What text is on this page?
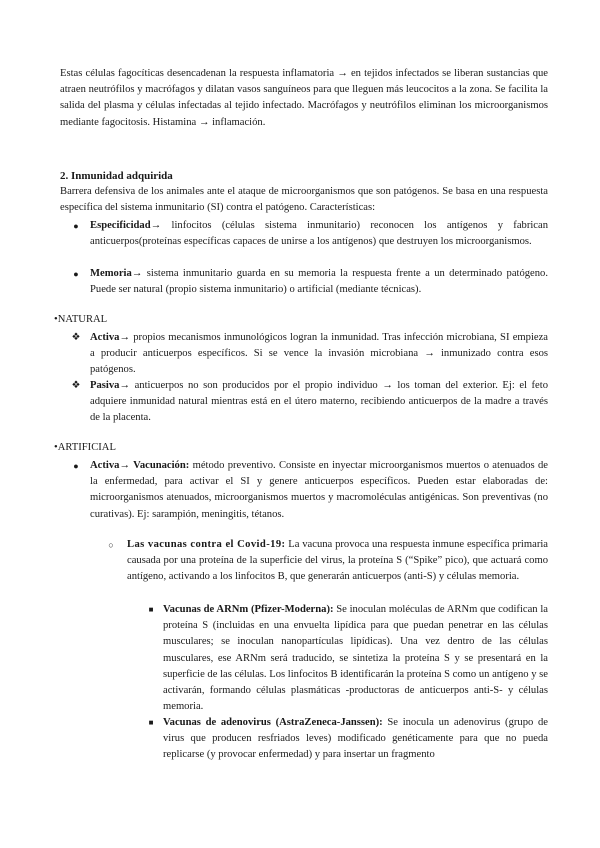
Estas células fagocíticas desencadenan la respuesta inflamatoria → en tejidos infectados se liberan sustancias que atraen neutrófilos y macrófagos y dilatan vasos sanguíneos para que lleguen más leucocitos a la zona. Se facilita la salida del plasma y células infectadas al tejido infectado. Macrófagos y neutrófilos eliminan los microorganismos mediante fagocitosis. Histamina → inflamación.

2. Inmunidad adquirida

Barrera defensiva de los animales ante el ataque de microorganismos que son patógenos. Se basa en una respuesta específica del sistema inmunitario (SI) contra el patógeno. Características:

●	Especificidad→ linfocitos (células sistema inmunitario) reconocen los antígenos y fabrican anticuerpos(proteínas específicas capaces de unirse a los antígenos) que destruyen los microorganismos.
●	Memoria→ sistema inmunitario guarda en su memoria la respuesta frente a un determinado patógeno. Puede ser natural (propio sistema inmunitario) o artificial (mediante técnicas).
•NATURAL
❖ Activa→ propios mecanismos inmunológicos logran la inmunidad. Tras infección microbiana, SI empieza a producir anticuerpos específicos. Si se vence la invasión microbiana → inmunizado contra esos patógenos.
❖ Pasiva→ anticuerpos no son producidos por el propio individuo → los toman del exterior. Ej: el feto adquiere inmunidad natural mientras está en el útero materno, recibiendo anticuerpos de la madre a través de la placenta.
•ARTIFICIAL
●	Activa→ Vacunación: método preventivo. Consiste en inyectar microorganismos muertos o atenuados de la enfermedad, para activar el SI y genere anticuerpos específicos. Pueden estar elaboradas de: microorganismos atenuados, microorganismos muertos y macromoléculas antigénicas. Son preventivas (no curativas). Ej: sarampión, meningitis, tétanos.
○	Las vacunas contra el Covid-19: La vacuna provoca una respuesta inmune específica primaria causada por una proteína de la superficie del virus, la proteína S (“Spike” pico), que actuará como antígeno, activando a los linfocitos B, que generarán anticuerpos (anti-S) y células memoria.
■ Vacunas de ARNm (Pfizer-Moderna): Se inoculan moléculas de ARNm que codifican la proteína S (incluidas en una envuelta lipídica para que puedan penetrar en las células musculares; se inoculan nanopartículas lipídicas). Una vez dentro de las células musculares, ese ARNm será traducido, se sintetiza la proteína S y se presentará en la superficie de las células. Los linfocitos B identificarán la proteína S como un antígeno y se activarán, formando células plasmáticas -productoras de anticuerpos anti-S- y células memoria.
■ Vacunas de adenovirus (AstraZeneca-Janssen): Se inocula un adenovirus (grupo de virus que producen resfriados leves) modificado genéticamente para que no pueda replicarse (y provocar enfermedad) y para insertar un fragmento
